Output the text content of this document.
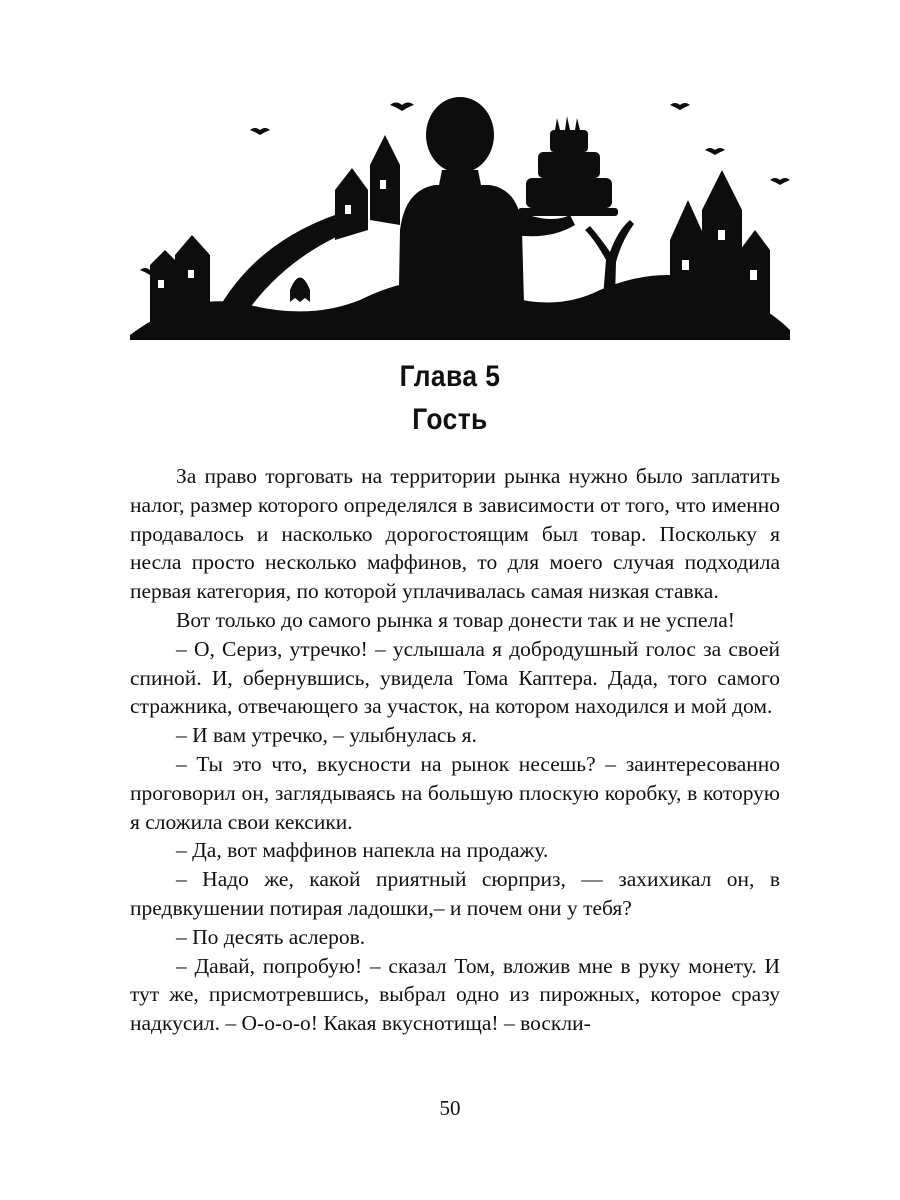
Глава 5
Гость

За право торговать на территории рынка нужно было заплатить налог, размер которого определялся в зависимости от того, что именно продавалось и насколько дорогостоящим был товар. Поскольку я несла просто несколько маффинов, то для моего случая подходила первая категория, по которой уплачивалась самая низкая ставка.

Вот только до самого рынка я товар донести так и не успела!

– О, Сериз, утречко! – услышала я добродушный голос за своей спиной. И, обернувшись, увидела Тома Каптера. Дада, того самого стражника, отвечающего за участок, на котором находился и мой дом.

– И вам утречко, – улыбнулась я.

– Ты это что, вкусности на рынок несешь? – заинтересованно проговорил он, заглядываясь на большую плоскую коробку, в которую я сложила свои кексики.

– Да, вот маффинов напекла на продажу.

– Надо же, какой приятный сюрприз, — захихикал он, в предвкушении потирая ладошки,– и почем они у тебя?

– По десять аслеров.

– Давай, попробую! – сказал Том, вложив мне в руку монету. И тут же, присмотревшись, выбрал одно из пирожных, которое сразу надкусил. – О-о-о-о! Какая вкуснотища! – воскли-

50
